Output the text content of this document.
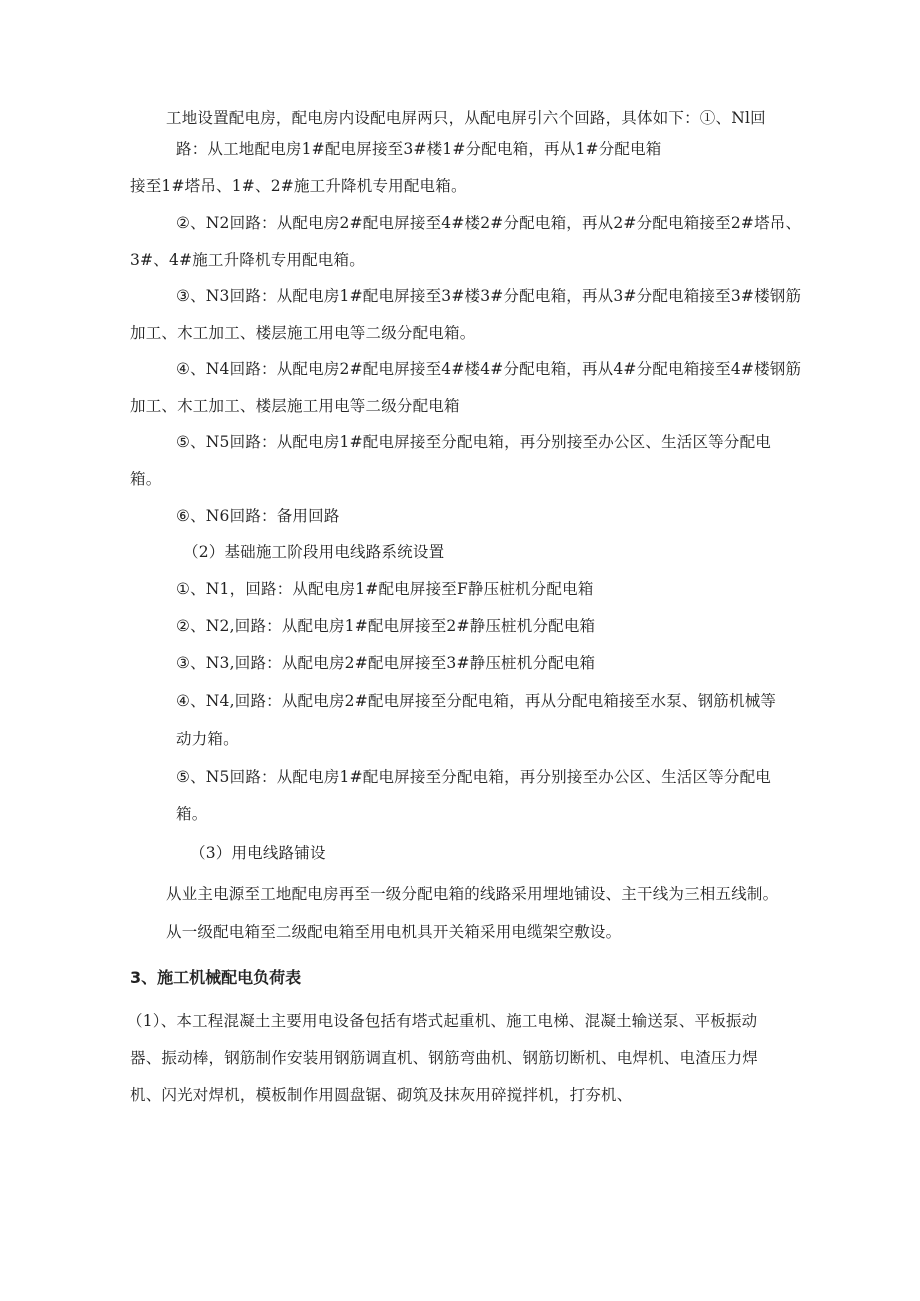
工地设置配电房，配电房内设配电屏两只，从配电屏引六个回路，具体如下：①、Nl回
路：从工地配电房1#配电屏接至3#楼1#分配电箱，再从1#分配电箱
接至1#塔吊、1#、2#施工升降机专用配电箱。
②、N2回路：从配电房2#配电屏接至4#楼2#分配电箱，再从2#分配电箱接至2#塔吊、
3#、4#施工升降机专用配电箱。
③、N3回路：从配电房1#配电屏接至3#楼3#分配电箱，再从3#分配电箱接至3#楼钢筋
加工、木工加工、楼层施工用电等二级分配电箱。
④、N4回路：从配电房2#配电屏接至4#楼4#分配电箱，再从4#分配电箱接至4#楼钢筋
加工、木工加工、楼层施工用电等二级分配电箱
⑤、N5回路：从配电房1#配电屏接至分配电箱，再分别接至办公区、生活区等分配电
箱。
⑥、N6回路：备用回路
（2）基础施工阶段用电线路系统设置
①、N1，回路：从配电房1#配电屏接至F静压桩机分配电箱
②、N2,回路：从配电房1#配电屏接至2#静压桩机分配电箱
③、N3,回路：从配电房2#配电屏接至3#静压桩机分配电箱
④、N4,回路：从配电房2#配电屏接至分配电箱，再从分配电箱接至水泵、钢筋机械等
动力箱。
⑤、N5回路：从配电房1#配电屏接至分配电箱，再分别接至办公区、生活区等分配电
箱。
（3）用电线路铺设
从业主电源至工地配电房再至一级分配电箱的线路采用埋地铺设、主干线为三相五线制。
从一级配电箱至二级配电箱至用电机具开关箱采用电缆架空敷设。
3、施工机械配电负荷表
（1）、本工程混凝土主要用电设备包括有塔式起重机、施工电梯、混凝土输送泵、平板振动
器、振动棒，钢筋制作安装用钢筋调直机、钢筋弯曲机、钢筋切断机、电焊机、电渣压力焊
机、闪光对焊机，模板制作用圆盘锯、砌筑及抹灰用碎搅拌机，打夯机、
